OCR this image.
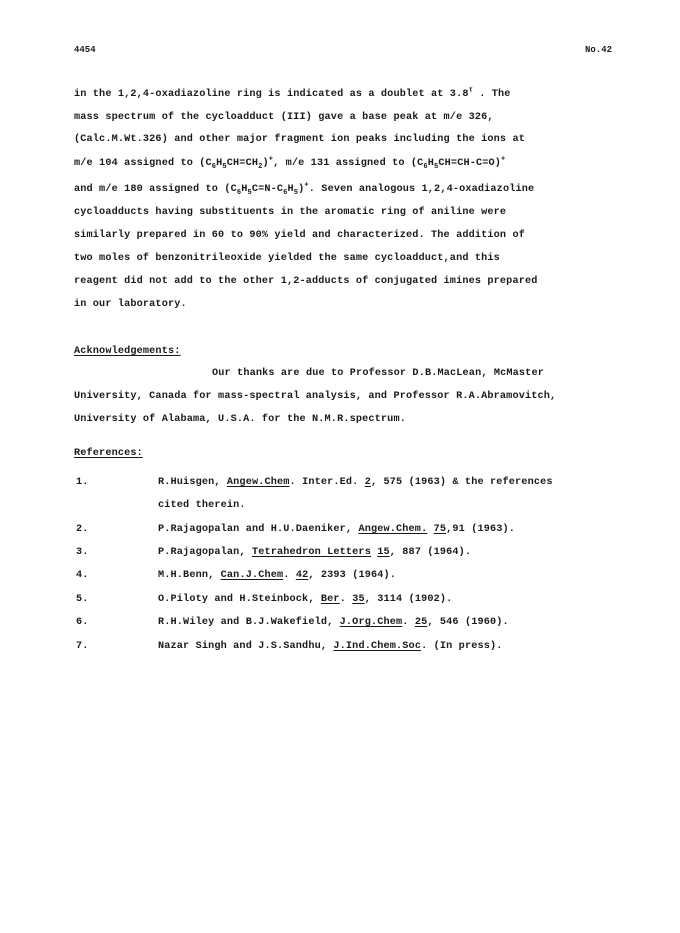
4454	No.42
in the 1,2,4-oxadiazoline ring is indicated as a doublet at $3.8^\tau$ . The
mass spectrum of the cycloadduct (III) gave a base peak at m/e 326,
(Calc.M.Wt.326) and other major fragment ion peaks including the ions at
m/e 104 assigned to $(C_6H_5CH=CH_2)^+$, m/e 131 assigned to $(C_6H_5CH=CH-C=O)^+$
and m/e 180 assigned to $(C_6H_5C=N-C_6H_5)^+$. Seven analogous 1,2,4-oxadiazoline
cycloadducts having substituents in the aromatic ring of aniline were
similarly prepared in 60 to 90% yield and characterized. The addition of
two moles of benzonitrileoxide yielded the same cycloadduct,and this
reagent did not add to the other 1,2-adducts of conjugated imines prepared
in our laboratory.
Acknowledgements:
Our thanks are due to Professor D.B.MacLean, McMaster
University, Canada for mass-spectral analysis, and Professor R.A.Abramovitch,
University of Alabama, U.S.A. for the N.M.R.spectrum.
References:
1.	R.Huisgen, Angew.Chem. Inter.Ed. 2, 575 (1963) & the references
cited therein.
2.	P.Rajagopalan and H.U.Daeniker, Angew.Chem. 75,91 (1963).
3.	P.Rajagopalan, Tetrahedron Letters 15, 887 (1964).
4.	M.H.Benn, Can.J.Chem. 42, 2393 (1964).
5.	O.Piloty and H.Steinbock, Ber. 35, 3114 (1902).
6.	R.H.Wiley and B.J.Wakefield, J.Org.Chem. 25, 546 (1960).
7.	Nazar Singh and J.S.Sandhu, J.Ind.Chem.Soc. (In press).
